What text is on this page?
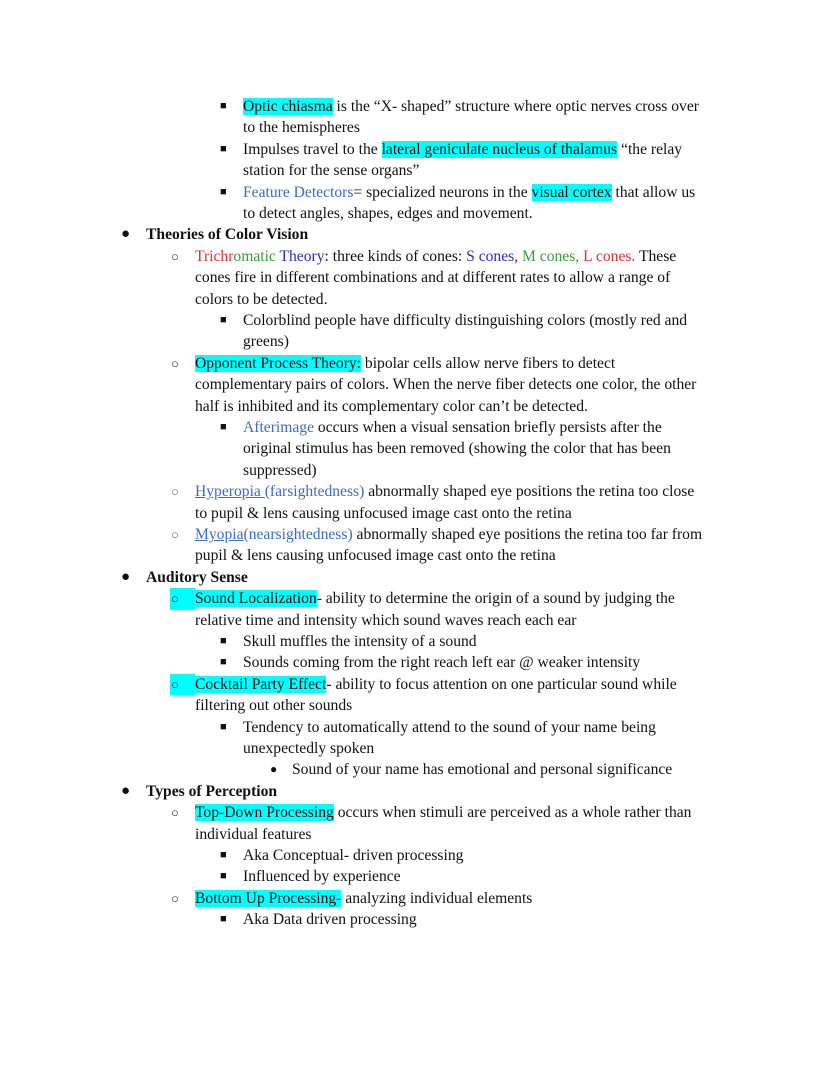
■ Optic chiasma is the “X- shaped” structure where optic nerves cross over
to the hemispheres
■ Impulses travel to the lateral geniculate nucleus of thalamus “the relay
station for the sense organs”
■ Feature Detectors= specialized neurons in the visual cortex that allow us
to detect angles, shapes, edges and movement.
● Theories of Color Vision
○ Trichromatic Theory: three kinds of cones: S cones, M cones, L cones. These
cones fire in different combinations and at different rates to allow a range of
colors to be detected.
■ Colorblind people have difficulty distinguishing colors (mostly red and
greens)
○ Opponent Process Theory: bipolar cells allow nerve fibers to detect
complementary pairs of colors. When the nerve fiber detects one color, the other
half is inhibited and its complementary color can’t be detected.
■ Afterimage occurs when a visual sensation briefly persists after the
original stimulus has been removed (showing the color that has been
suppressed)
○ Hyperopia (farsightedness) abnormally shaped eye positions the retina too close
to pupil & lens causing unfocused image cast onto the retina
○ Myopia(nearsightedness) abnormally shaped eye positions the retina too far from
pupil & lens causing unfocused image cast onto the retina
● Auditory Sense
○ Sound Localization- ability to determine the origin of a sound by judging the
relative time and intensity which sound waves reach each ear
■ Skull muffles the intensity of a sound
■ Sounds coming from the right reach left ear @ weaker intensity
○ Cocktail Party Effect- ability to focus attention on one particular sound while
filtering out other sounds
■ Tendency to automatically attend to the sound of your name being
unexpectedly spoken
● Sound of your name has emotional and personal significance
● Types of Perception
○ Top-Down Processing occurs when stimuli are perceived as a whole rather than
individual features
■ Aka Conceptual- driven processing
■ Influenced by experience
○ Bottom Up Processing- analyzing individual elements
■ Aka Data driven processing
